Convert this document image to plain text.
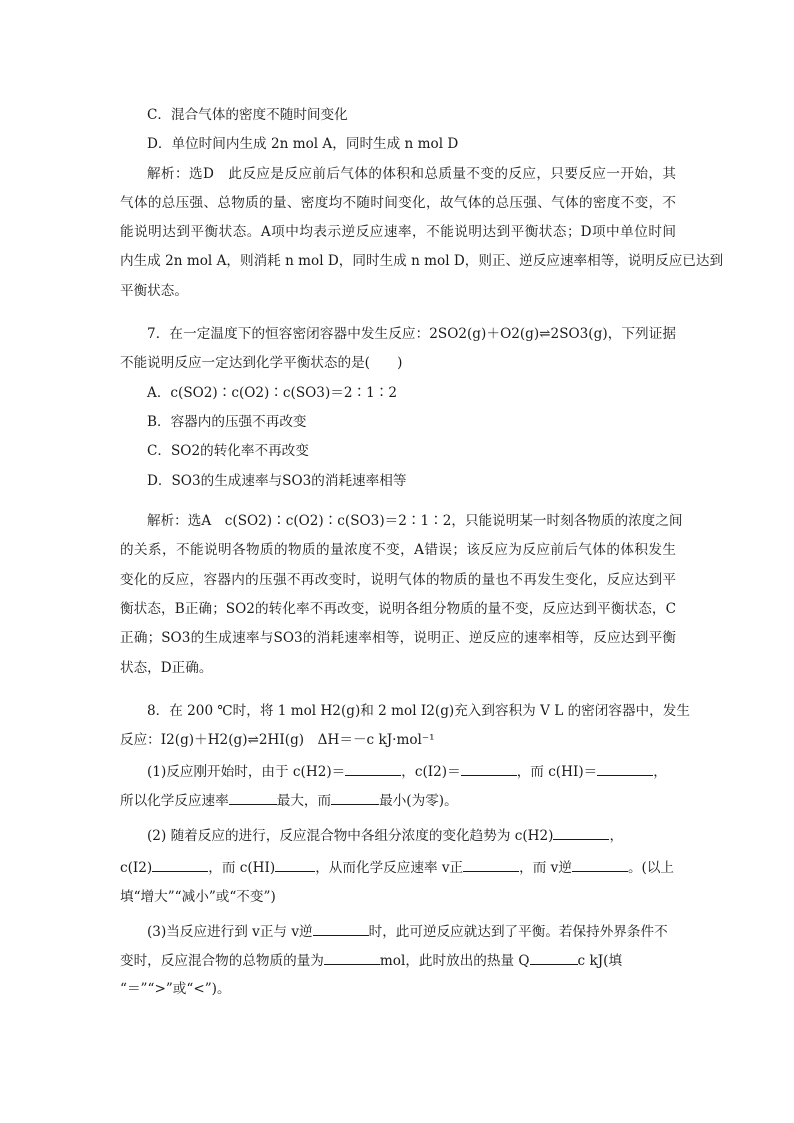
C．混合气体的密度不随时间变化
D．单位时间内生成 2n mol A，同时生成 n mol D
解析：选D　此反应是反应前后气体的体积和总质量不变的反应，只要反应一开始，其
气体的总压强、总物质的量、密度均不随时间变化，故气体的总压强、气体的密度不变，不
能说明达到平衡状态。A项中均表示逆反应速率，不能说明达到平衡状态；D项中单位时间
内生成 2n mol A，则消耗 n mol D，同时生成 n mol D，则正、逆反应速率相等，说明反应已达到
平衡状态。
7．在一定温度下的恒容密闭容器中发生反应：2SO2(g)＋O2(g)⇌2SO3(g)，下列证据
不能说明反应一定达到化学平衡状态的是(　　)
A．c(SO2)∶c(O2)∶c(SO3)＝2∶1∶2
B．容器内的压强不再改变
C．SO2的转化率不再改变
D．SO3的生成速率与SO3的消耗速率相等
解析：选A　c(SO2)∶c(O2)∶c(SO3)＝2∶1∶2，只能说明某一时刻各物质的浓度之间
的关系，不能说明各物质的物质的量浓度不变，A错误；该反应为反应前后气体的体积发生
变化的反应，容器内的压强不再改变时，说明气体的物质的量也不再发生变化，反应达到平
衡状态，B正确；SO2的转化率不再改变，说明各组分物质的量不变，反应达到平衡状态，C
正确；SO3的生成速率与SO3的消耗速率相等，说明正、逆反应的速率相等，反应达到平衡
状态，D正确。
8．在 200 ℃时，将 1 mol H2(g)和 2 mol I2(g)充入到容积为 V L 的密闭容器中，发生
反应：I2(g)＋H2(g)⇌2HI(g)　ΔH＝－c kJ·mol⁻¹
(1)反应刚开始时，由于 c(H2)＝	，c(I2)＝	，而 c(HI)＝	，
所以化学反应速率	最大，而	最小(为零)。
(2) 随着反应的进行，反应混合物中各组分浓度的变化趋势为 c(H2)	，
c(I2)	，而 c(HI)	，从而化学反应速率 v正	，而 v逆	。(以上
填“增大”“减小”或“不变”)
(3)当反应进行到 v正与 v逆	时，此可逆反应就达到了平衡。若保持外界条件不
变时，反应混合物的总物质的量为	mol，此时放出的热量 Q	c kJ(填
“＝”“>”或“<”)。
